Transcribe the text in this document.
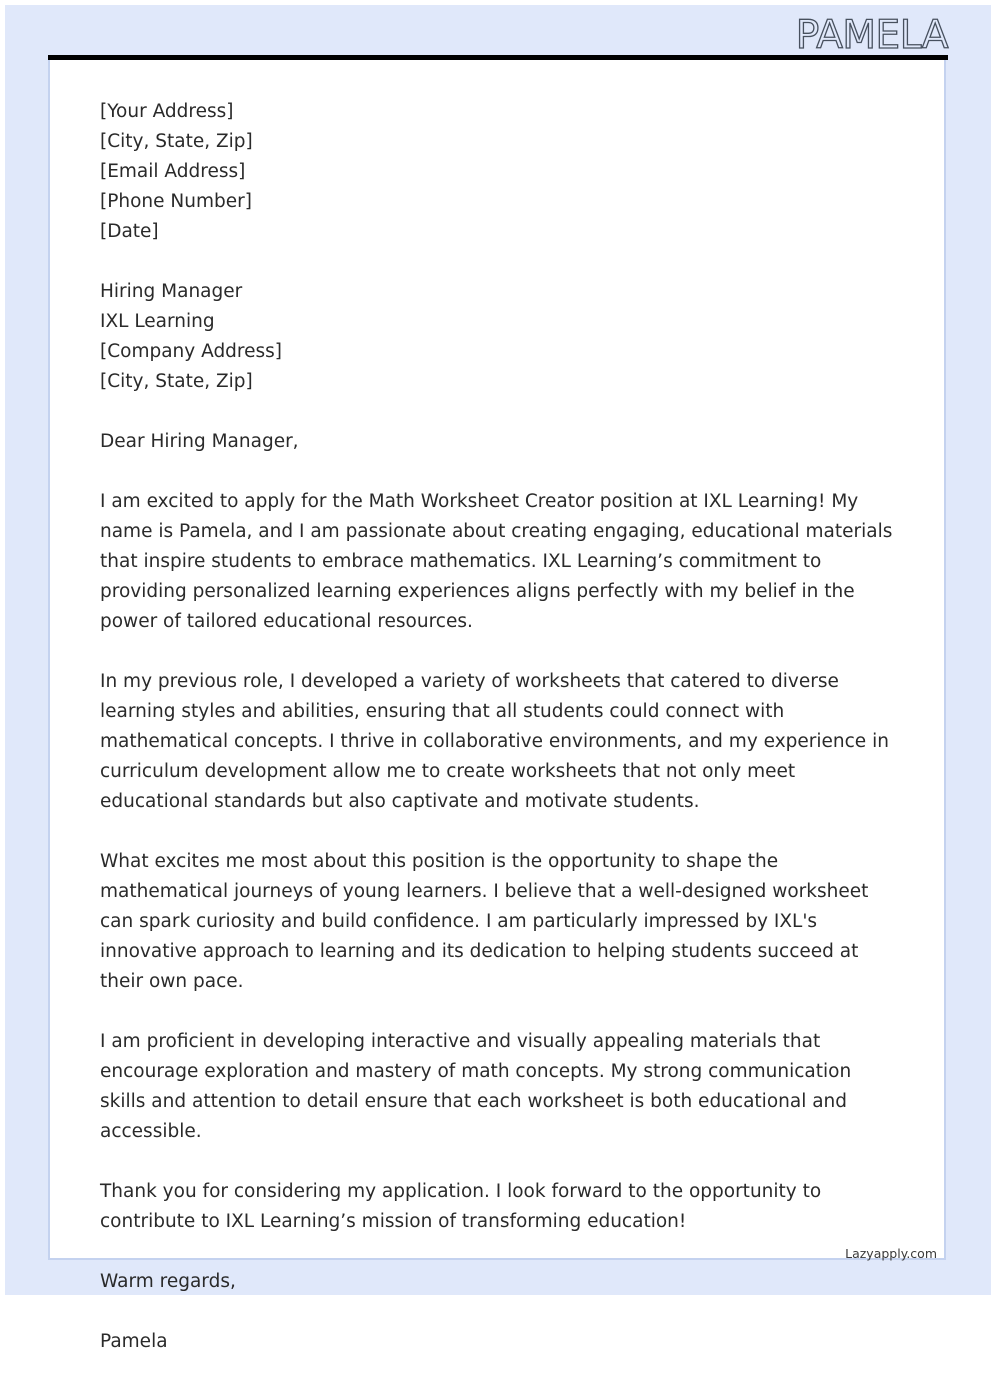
PAMELA
[Your Address]
[City, State, Zip]
[Email Address]
[Phone Number]
[Date]
Hiring Manager
IXL Learning
[Company Address]
[City, State, Zip]

Dear Hiring Manager,

I am excited to apply for the Math Worksheet Creator position at IXL Learning! My name is Pamela, and I am passionate about creating engaging, educational materials that inspire students to embrace mathematics. IXL Learning’s commitment to providing personalized learning experiences aligns perfectly with my belief in the power of tailored educational resources.

In my previous role, I developed a variety of worksheets that catered to diverse learning styles and abilities, ensuring that all students could connect with mathematical concepts. I thrive in collaborative environments, and my experience in curriculum development allow me to create worksheets that not only meet educational standards but also captivate and motivate students.

What excites me most about this position is the opportunity to shape the mathematical journeys of young learners. I believe that a well-designed worksheet can spark curiosity and build confidence. I am particularly impressed by IXL's innovative approach to learning and its dedication to helping students succeed at their own pace.

I am proficient in developing interactive and visually appealing materials that encourage exploration and mastery of math concepts. My strong communication skills and attention to detail ensure that each worksheet is both educational and accessible.

Thank you for considering my application. I look forward to the opportunity to contribute to IXL Learning’s mission of transforming education!

Warm regards,

Pamela

Lazyapply.com
